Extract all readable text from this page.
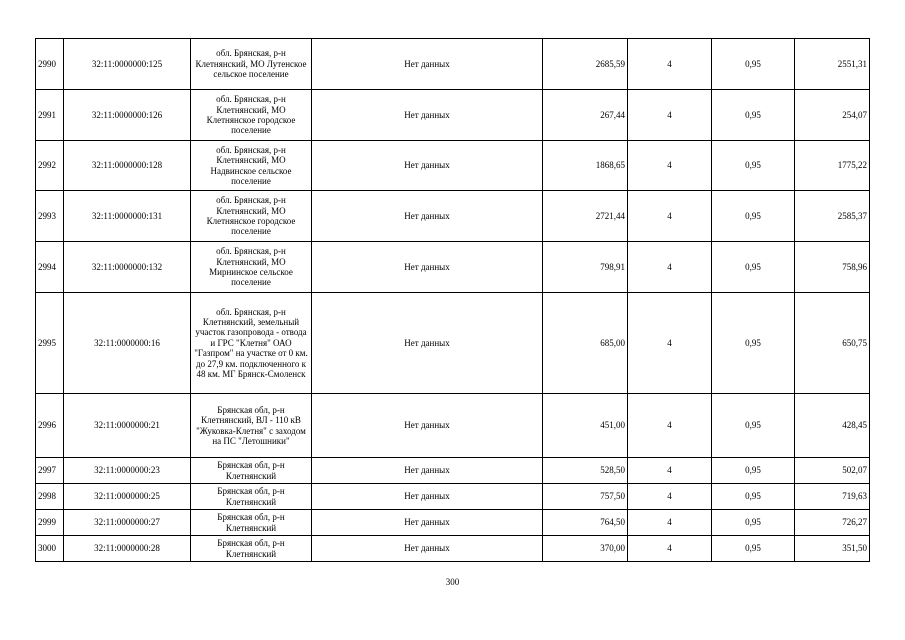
2990	32:11:0000000:125	обл. Брянская, р-н Клетнянский, МО Лутенское сельское поселение	Нет данных	2685,59	4	0,95	2551,31
2991	32:11:0000000:126	обл. Брянская, р-н Клетнянский, МО Клетнянское городское поселение	Нет данных	267,44	4	0,95	254,07
2992	32:11:0000000:128	обл. Брянская, р-н Клетнянский, МО Надвинское сельское поселение	Нет данных	1868,65	4	0,95	1775,22
2993	32:11:0000000:131	обл. Брянская, р-н Клетнянский, МО Клетнянское городское поселение	Нет данных	2721,44	4	0,95	2585,37
2994	32:11:0000000:132	обл. Брянская, р-н Клетнянский, МО Мирнинское сельское поселение	Нет данных	798,91	4	0,95	758,96
2995	32:11:0000000:16	обл. Брянская, р-н Клетнянский, земельный участок газопровода - отвода и ГРС "Клетня" ОАО "Газпром" на участке от 0 км. до 27,9 км. подключенного к 48 км. МГ Брянск-Смоленск	Нет данных	685,00	4	0,95	650,75
2996	32:11:0000000:21	Брянская обл, р-н Клетнянский, ВЛ - 110 кВ "Жуковка-Клетня" с заходом на ПС "Летошники"	Нет данных	451,00	4	0,95	428,45
2997	32:11:0000000:23	Брянская обл, р-н Клетнянский	Нет данных	528,50	4	0,95	502,07
2998	32:11:0000000:25	Брянская обл, р-н Клетнянский	Нет данных	757,50	4	0,95	719,63
2999	32:11:0000000:27	Брянская обл, р-н Клетнянский	Нет данных	764,50	4	0,95	726,27
3000	32:11:0000000:28	Брянская обл, р-н Клетнянский	Нет данных	370,00	4	0,95	351,50
300
